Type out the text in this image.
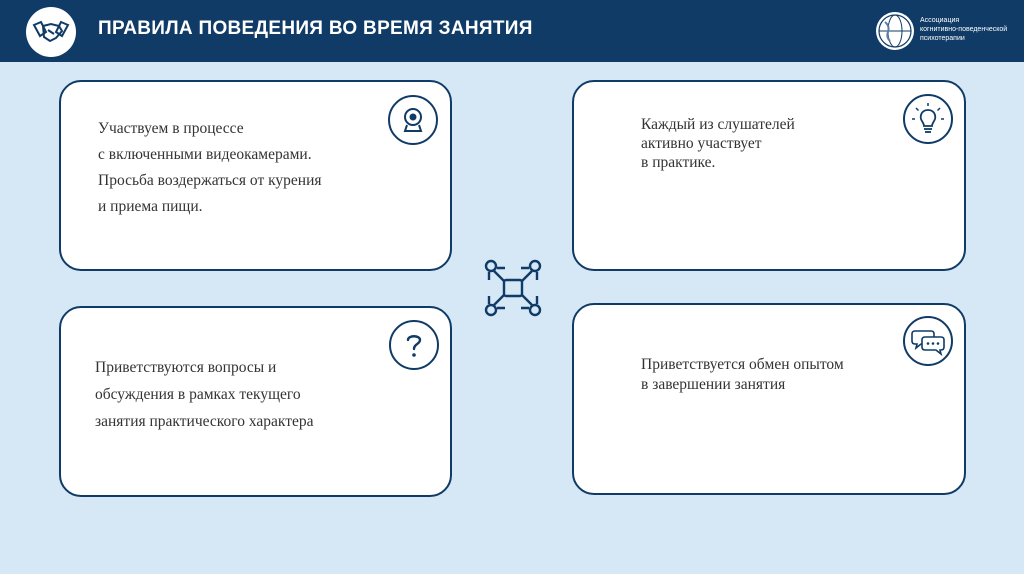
ПРАВИЛА ПОВЕДЕНИЯ ВО ВРЕМЯ ЗАНЯТИЯ	Ассоциация
когнитивно-поведенческой
психотерапии
Участвуем в процессе
с включенными видеокамерами.
Просьба воздержаться от курения
и приема пищи.
Каждый из слушателей
активно участвует
в практике.
Приветствуются вопросы и
обсуждения в рамках текущего
занятия практического характера
Приветствуется обмен опытом
в завершении занятия
